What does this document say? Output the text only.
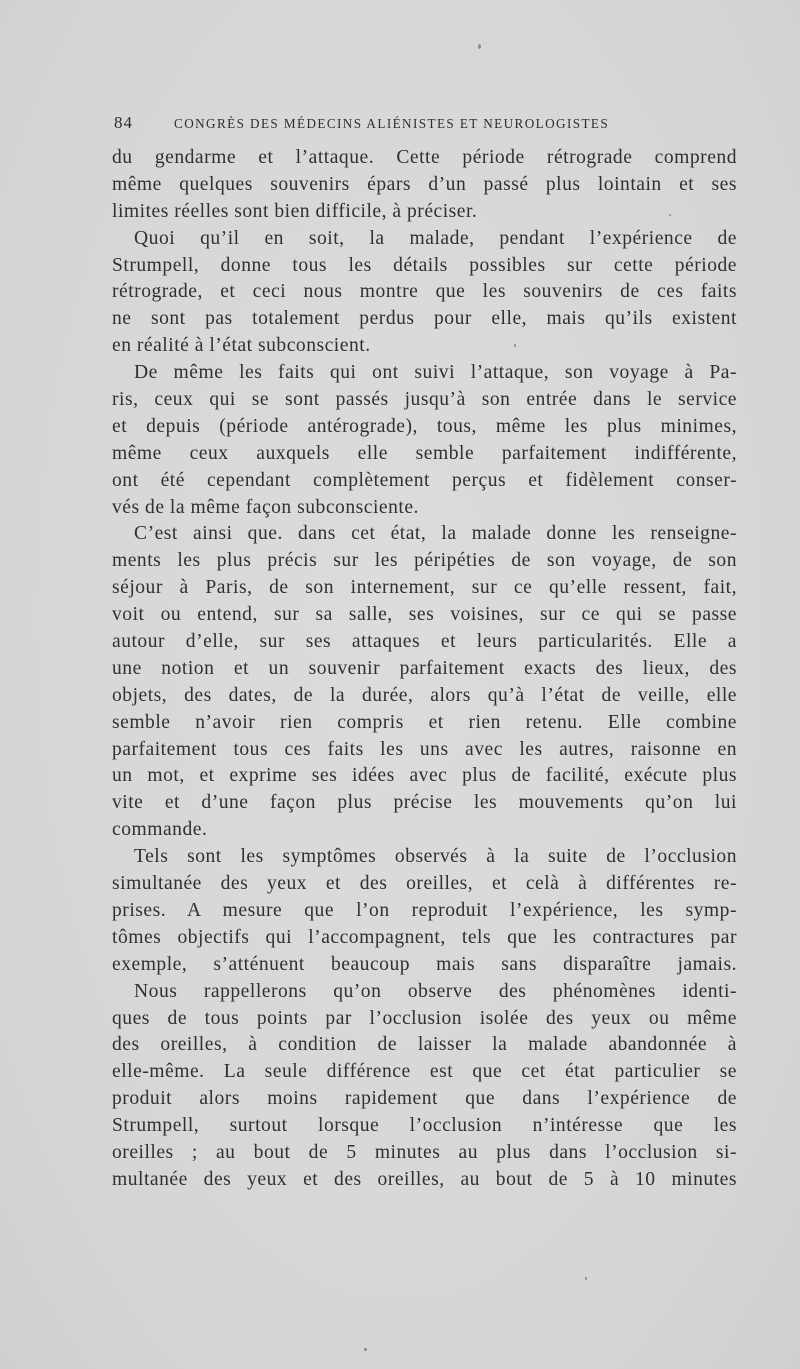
84	CONGRÈS DES MÉDECINS ALIÉNISTES ET NEUROLOGISTES
du gendarme et l’attaque. Cette période rétrograde comprend
même quelques souvenirs épars d’un passé plus lointain et ses
limites réelles sont bien difficile, à préciser.
Quoi qu’il en soit, la malade, pendant l’expérience de
Strumpell, donne tous les détails possibles sur cette période
rétrograde, et ceci nous montre que les souvenirs de ces faits
ne sont pas totalement perdus pour elle, mais qu’ils existent
en réalité à l’état subconscient.
De même les faits qui ont suivi l’attaque, son voyage à Pa-
ris, ceux qui se sont passés jusqu’à son entrée dans le service
et depuis (période antérograde), tous, même les plus minimes,
même ceux auxquels elle semble parfaitement indifférente,
ont été cependant complètement perçus et fidèlement conser-
vés de la même façon subconsciente.
C’est ainsi que. dans cet état, la malade donne les renseigne-
ments les plus précis sur les péripéties de son voyage, de son
séjour à Paris, de son internement, sur ce qu’elle ressent, fait,
voit ou entend, sur sa salle, ses voisines, sur ce qui se passe
autour d’elle, sur ses attaques et leurs particularités. Elle a
une notion et un souvenir parfaitement exacts des lieux, des
objets, des dates, de la durée, alors qu’à l’état de veille, elle
semble n’avoir rien compris et rien retenu. Elle combine
parfaitement tous ces faits les uns avec les autres, raisonne en
un mot, et exprime ses idées avec plus de facilité, exécute plus
vite et d’une façon plus précise les mouvements qu’on lui
commande.
Tels sont les symptômes observés à la suite de l’occlusion
simultanée des yeux et des oreilles, et celà à différentes re-
prises. A mesure que l’on reproduit l’expérience, les symp-
tômes objectifs qui l’accompagnent, tels que les contractures par
exemple, s’atténuent beaucoup mais sans disparaître jamais.
Nous rappellerons qu’on observe des phénomènes identi-
ques de tous points par l’occlusion isolée des yeux ou même
des oreilles, à condition de laisser la malade abandonnée à
elle-même. La seule différence est que cet état particulier se
produit alors moins rapidement que dans l’expérience de
Strumpell, surtout lorsque l’occlusion n’intéresse que les
oreilles ; au bout de 5 minutes au plus dans l’occlusion si-
multanée des yeux et des oreilles, au bout de 5 à 10 minutes
